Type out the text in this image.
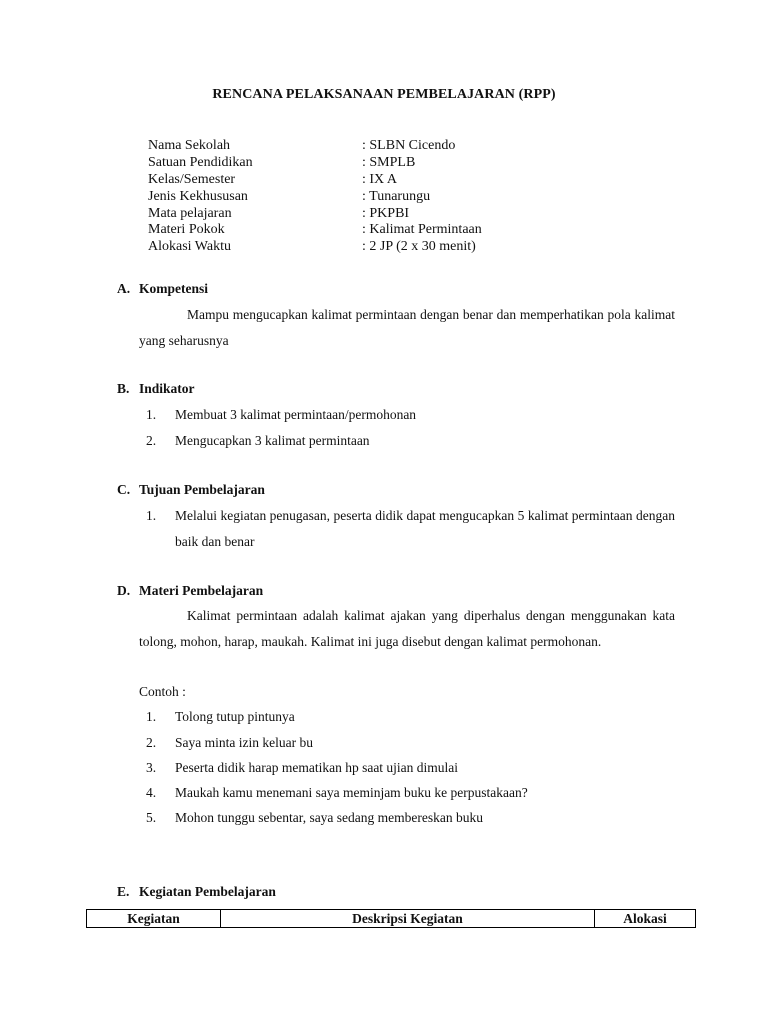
RENCANA PELAKSANAAN PEMBELAJARAN (RPP)
Nama Sekolah	: SLBN Cicendo
Satuan Pendidikan	: SMPLB
Kelas/Semester	: IX A
Jenis Kekhususan	: Tunarungu
Mata pelajaran	: PKPBI
Materi Pokok	: Kalimat Permintaan
Alokasi Waktu	: 2 JP (2 x 30 menit)
A. Kompetensi
Mampu mengucapkan kalimat permintaan dengan benar dan memperhatikan pola kalimat yang seharusnya
B. Indikator
1. Membuat 3 kalimat permintaan/permohonan
2. Mengucapkan 3 kalimat permintaan
C. Tujuan Pembelajaran
1. Melalui kegiatan penugasan, peserta didik dapat mengucapkan 5 kalimat permintaan dengan baik dan benar
D. Materi Pembelajaran
Kalimat permintaan adalah kalimat ajakan yang diperhalus dengan menggunakan kata tolong, mohon, harap, maukah. Kalimat ini juga disebut dengan kalimat permohonan.
Contoh :
1. Tolong tutup pintunya
2. Saya minta izin keluar bu
3. Peserta didik harap mematikan hp saat ujian dimulai
4. Maukah kamu menemani saya meminjam buku ke perpustakaan?
5. Mohon tunggu sebentar, saya sedang membereskan buku
E. Kegiatan Pembelajaran
Kegiatan	Deskripsi Kegiatan	Alokasi
